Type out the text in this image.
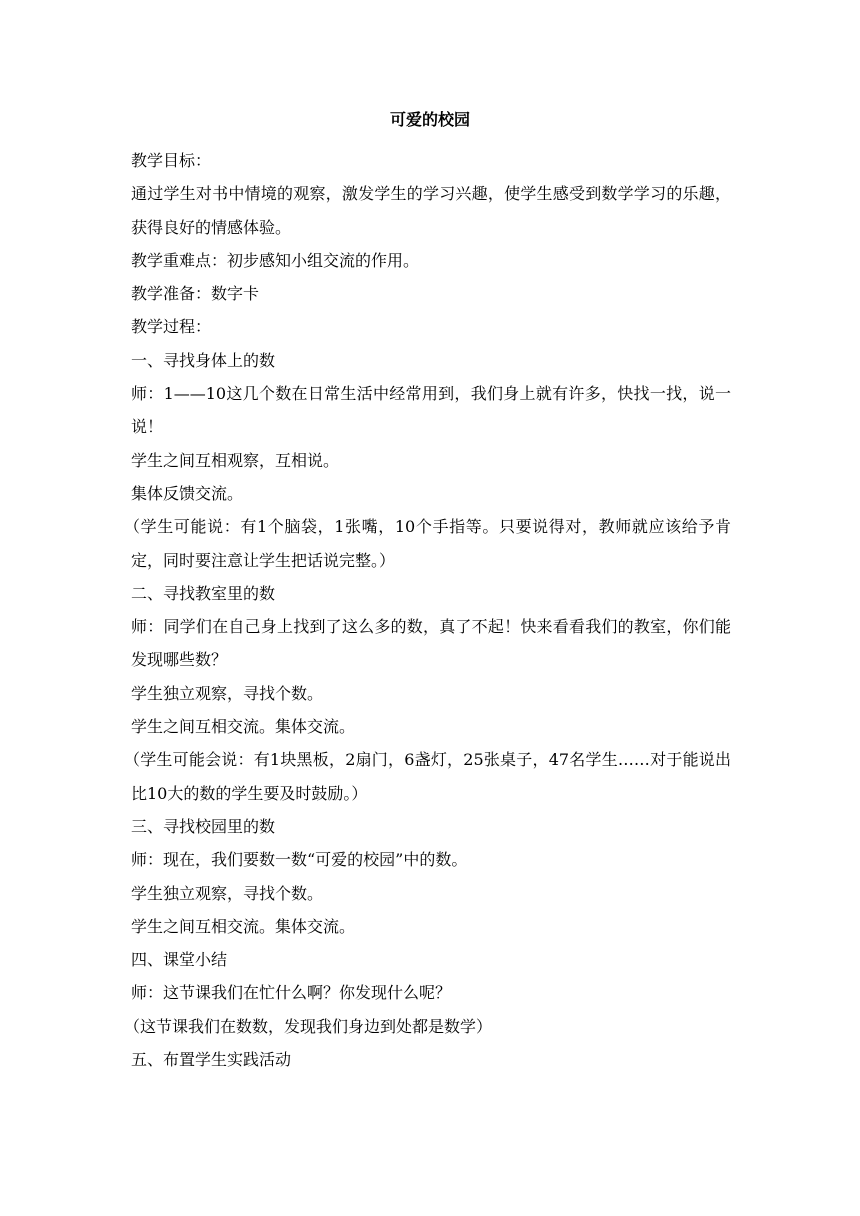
可爱的校园

教学目标：

通过学生对书中情境的观察，激发学生的学习兴趣，使学生感受到数学学习的乐趣，获得良好的情感体验。

教学重难点：初步感知小组交流的作用。

教学准备：数字卡

教学过程：

一、寻找身体上的数

师：1——10这几个数在日常生活中经常用到，我们身上就有许多，快找一找，说一说！

学生之间互相观察，互相说。

集体反馈交流。

（学生可能说：有1个脑袋，1张嘴，10个手指等。只要说得对，教师就应该给予肯定，同时要注意让学生把话说完整。）

二、寻找教室里的数

师：同学们在自己身上找到了这么多的数，真了不起！快来看看我们的教室，你们能发现哪些数？

学生独立观察，寻找个数。

学生之间互相交流。集体交流。

（学生可能会说：有1块黑板，2扇门，6盏灯，25张桌子，47名学生……对于能说出比10大的数的学生要及时鼓励。）

三、寻找校园里的数

师：现在，我们要数一数“可爱的校园”中的数。

学生独立观察，寻找个数。

学生之间互相交流。集体交流。

四、课堂小结

师：这节课我们在忙什么啊？你发现什么呢？

（这节课我们在数数，发现我们身边到处都是数学）

五、布置学生实践活动
